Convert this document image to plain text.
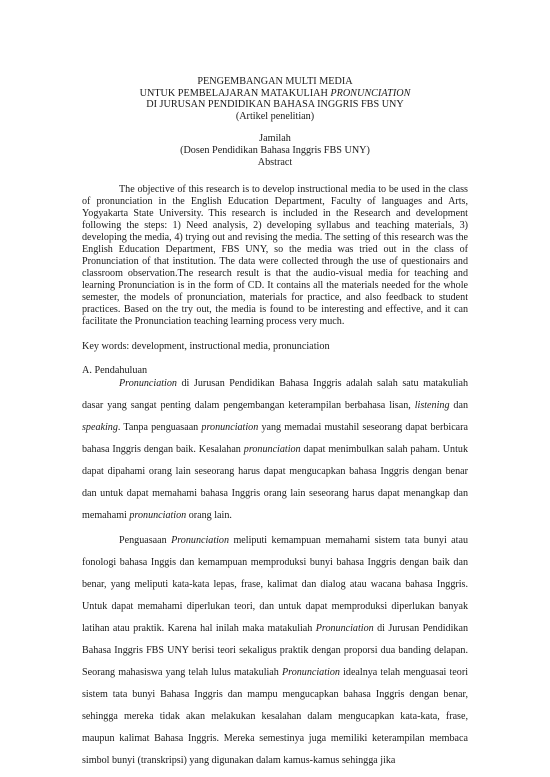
PENGEMBANGAN MULTI MEDIA
UNTUK PEMBELAJARAN MATAKULIAH PRONUNCIATION
DI JURUSAN PENDIDIKAN BAHASA INGGRIS FBS UNY
(Artikel penelitian)
Jamilah
(Dosen Pendidikan Bahasa Inggris FBS UNY)
Abstract

The objective of this research is to develop instructional media to be used in the class of pronunciation in the English Education Department, Faculty of languages and Arts, Yogyakarta State University. This research is included in the Research and development following the steps: 1) Need analysis, 2) developing syllabus and teaching materials, 3) developing the media, 4) trying out and revising the media. The setting of this research was the English Education Department, FBS UNY, so the media was tried out in the class of Pronunciation of that institution. The data were collected through the use of questionairs and classroom observation.The research result is that the audio-visual media for teaching and learning Pronunciation is in the form of CD. It contains all the materials needed for the whole semester, the models of pronunciation, materials for practice, and also feedback to student practices. Based on the try out, the media is found to be interesting and effective, and it can facilitate the Pronunciation teaching learning process very much.

Key words: development, instructional media, pronunciation
A. Pendahuluan

Pronunciation di Jurusan Pendidikan Bahasa Inggris adalah salah satu matakuliah dasar yang sangat penting dalam pengembangan keterampilan berbahasa lisan, listening dan speaking. Tanpa penguasaan pronunciation yang memadai mustahil seseorang dapat berbicara bahasa Inggris dengan baik. Kesalahan pronunciation dapat menimbulkan salah paham. Untuk dapat dipahami orang lain seseorang harus dapat mengucapkan bahasa Inggris dengan benar dan untuk dapat memahami bahasa Inggris orang lain seseorang harus dapat menangkap dan memahami pronunciation orang lain.

Penguasaan Pronunciation meliputi kemampuan memahami sistem tata bunyi atau fonologi bahasa Inggis dan kemampuan memproduksi bunyi bahasa Inggris dengan baik dan benar, yang meliputi kata-kata lepas, frase, kalimat dan dialog atau wacana bahasa Inggris. Untuk dapat memahami diperlukan teori, dan untuk dapat memproduksi diperlukan banyak latihan atau praktik. Karena hal inilah maka matakuliah Pronunciation di Jurusan Pendidikan Bahasa Inggris FBS UNY berisi teori sekaligus praktik dengan proporsi dua banding delapan. Seorang mahasiswa yang telah lulus matakuliah Pronunciation idealnya telah menguasai teori sistem tata bunyi Bahasa Inggris dan mampu mengucapkan bahasa Inggris dengan benar, sehingga mereka tidak akan melakukan kesalahan dalam mengucapkan kata-kata, frase, maupun kalimat Bahasa Inggris. Mereka semestinya juga memiliki keterampilan membaca simbol bunyi (transkripsi) yang digunakan dalam kamus-kamus sehingga jika
